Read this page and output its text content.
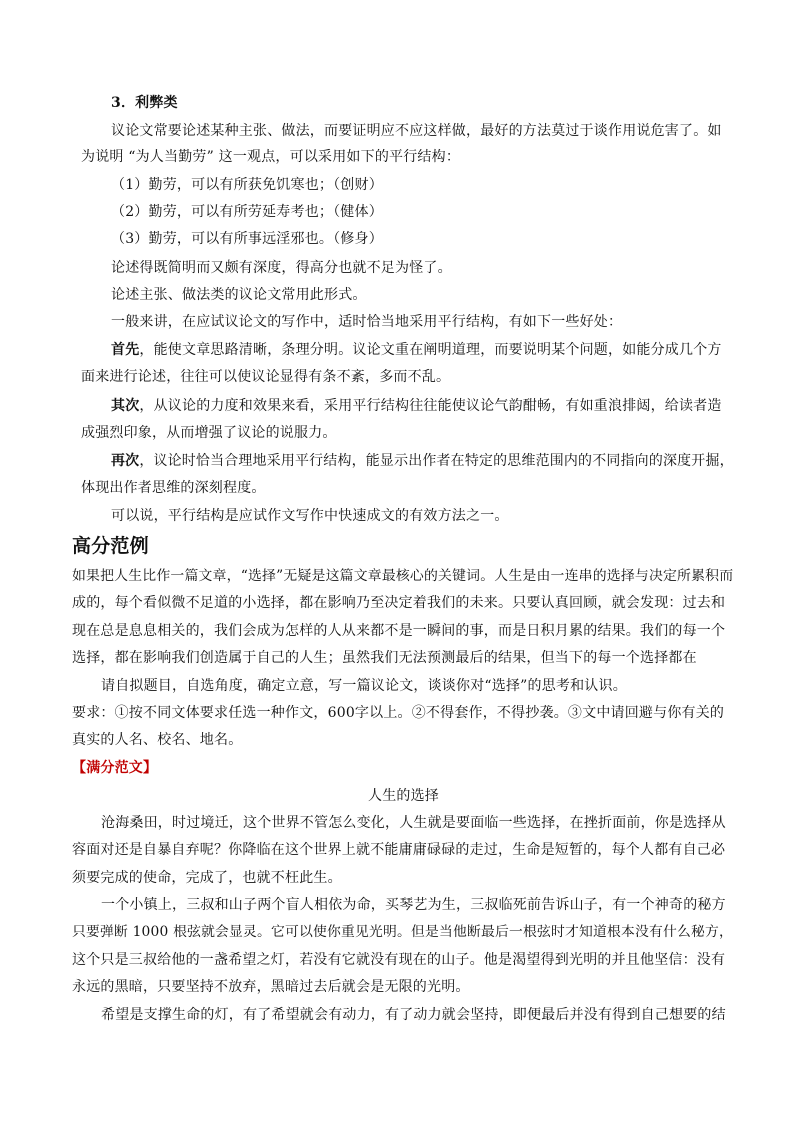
3．利弊类
议论文常要论述某种主张、做法，而要证明应不应这样做，最好的方法莫过于谈作用说危害了。如
为说明 “为人当勤劳” 这一观点，可以采用如下的平行结构：
（1）勤劳，可以有所获免饥寒也；（创财）
（2）勤劳，可以有所劳延寿考也；（健体）
（3）勤劳，可以有所事远淫邪也。（修身）
论述得既简明而又颇有深度，得高分也就不足为怪了。
论述主张、做法类的议论文常用此形式。
一般来讲，在应试议论文的写作中，适时恰当地采用平行结构，有如下一些好处：
首先，能使文章思路清晰，条理分明。议论文重在阐明道理，而要说明某个问题，如能分成几个方
面来进行论述，往往可以使议论显得有条不紊，多而不乱。
其次，从议论的力度和效果来看，采用平行结构往往能使议论气韵酣畅，有如重浪排闼，给读者造
成强烈印象，从而增强了议论的说服力。
再次，议论时恰当合理地采用平行结构，能显示出作者在特定的思维范围内的不同指向的深度开掘，
体现出作者思维的深刻程度。
可以说，平行结构是应试作文写作中快速成文的有效方法之一。
高分范例
如果把人生比作一篇文章，“选择”无疑是这篇文章最核心的关键词。人生是由一连串的选择与决定所累积而
成的，每个看似微不足道的小选择，都在影响乃至决定着我们的未来。只要认真回顾，就会发现：过去和
现在总是息息相关的，我们会成为怎样的人从来都不是一瞬间的事，而是日积月累的结果。我们的每一个
选择，都在影响我们创造属于自己的人生；虽然我们无法预测最后的结果，但当下的每一个选择都在
请自拟题目，自选角度，确定立意，写一篇议论文，谈谈你对“选择”的思考和认识。
要求：①按不同文体要求任选一种作文，600字以上。②不得套作，不得抄袭。③文中请回避与你有关的
真实的人名、校名、地名。
【满分范文】
人生的选择
沧海桑田，时过境迁，这个世界不管怎么变化，人生就是要面临一些选择，在挫折面前，你是选择从
容面对还是自暴自弃呢？你降临在这个世界上就不能庸庸碌碌的走过，生命是短暂的，每个人都有自己必
须要完成的使命，完成了，也就不枉此生。
一个小镇上，三叔和山子两个盲人相依为命，买琴艺为生，三叔临死前告诉山子，有一个神奇的秘方
只要弹断 1000 根弦就会显灵。它可以使你重见光明。但是当他断最后一根弦时才知道根本没有什么秘方，
这个只是三叔给他的一盏希望之灯，若没有它就没有现在的山子。他是渴望得到光明的并且他坚信：没有
永远的黑暗，只要坚持不放弃，黑暗过去后就会是无限的光明。
希望是支撑生命的灯，有了希望就会有动力，有了动力就会坚持，即便最后并没有得到自己想要的结
